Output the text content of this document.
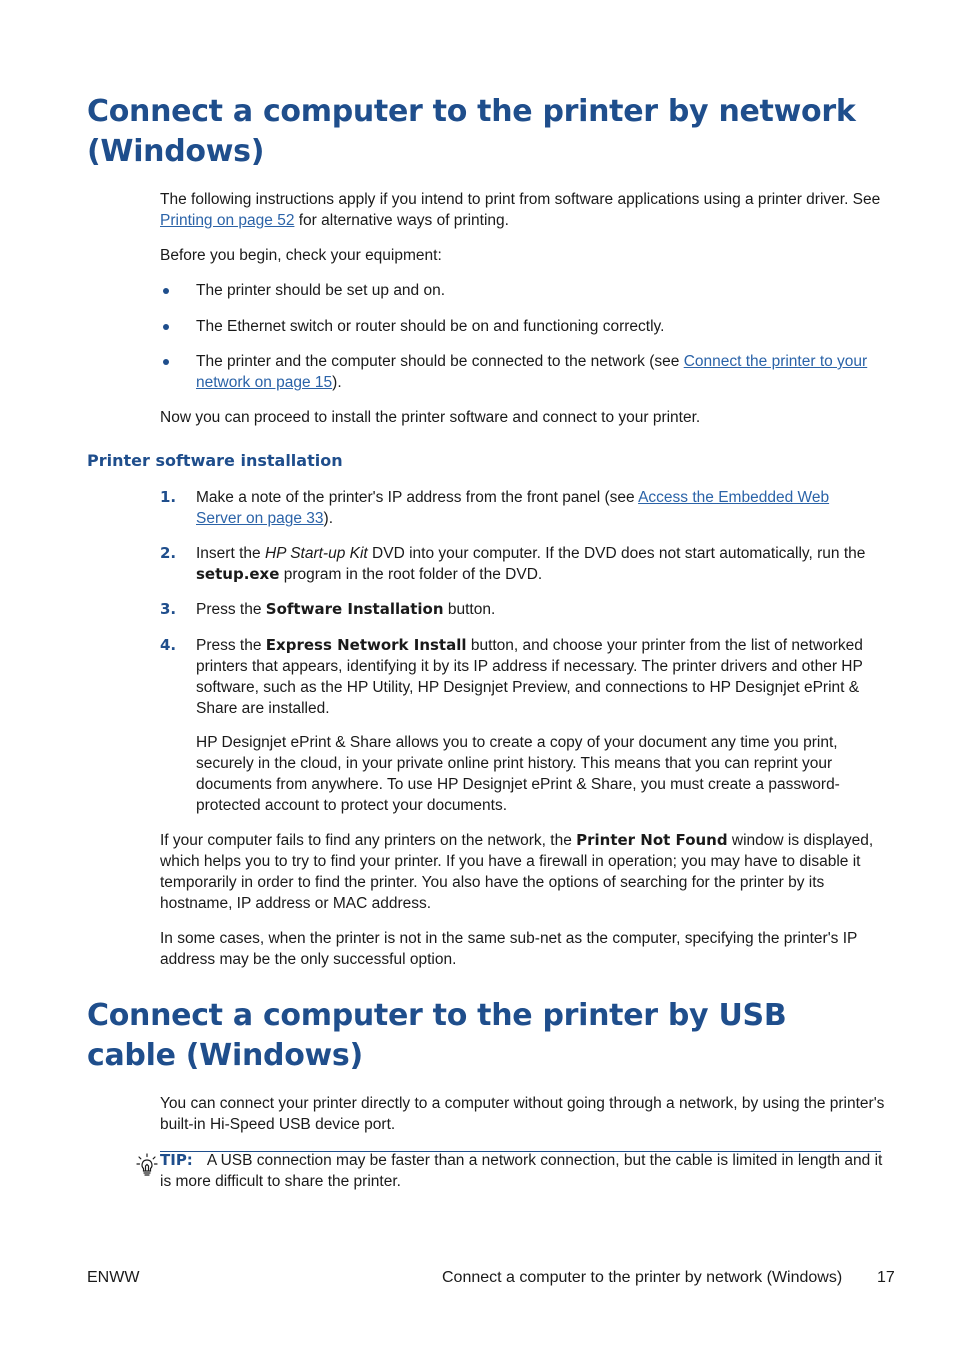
Connect a computer to the printer by network (Windows)

The following instructions apply if you intend to print from software applications using a printer driver. See Printing on page 52 for alternative ways of printing.

Before you begin, check your equipment:

The printer should be set up and on.

The Ethernet switch or router should be on and functioning correctly.

The printer and the computer should be connected to the network (see Connect the printer to your network on page 15).

Now you can proceed to install the printer software and connect to your printer.

Printer software installation

1.	Make a note of the printer's IP address from the front panel (see Access the Embedded Web Server on page 33).

2.	Insert the HP Start-up Kit DVD into your computer. If the DVD does not start automatically, run the setup.exe program in the root folder of the DVD.

3.	Press the Software Installation button.

4.	Press the Express Network Install button, and choose your printer from the list of networked printers that appears, identifying it by its IP address if necessary. The printer drivers and other HP software, such as the HP Utility, HP Designjet Preview, and connections to HP Designjet ePrint & Share are installed.

HP Designjet ePrint & Share allows you to create a copy of your document any time you print, securely in the cloud, in your private online print history. This means that you can reprint your documents from anywhere. To use HP Designjet ePrint & Share, you must create a password-protected account to protect your documents.

If your computer fails to find any printers on the network, the Printer Not Found window is displayed, which helps you to try to find your printer. If you have a firewall in operation; you may have to disable it temporarily in order to find the printer. You also have the options of searching for the printer by its hostname, IP address or MAC address.

In some cases, when the printer is not in the same sub-net as the computer, specifying the printer's IP address may be the only successful option.

Connect a computer to the printer by USB cable (Windows)

You can connect your printer directly to a computer without going through a network, by using the printer's built-in Hi-Speed USB device port.

TIP: A USB connection may be faster than a network connection, but the cable is limited in length and it is more difficult to share the printer.

ENWW	Connect a computer to the printer by network (Windows) 17
